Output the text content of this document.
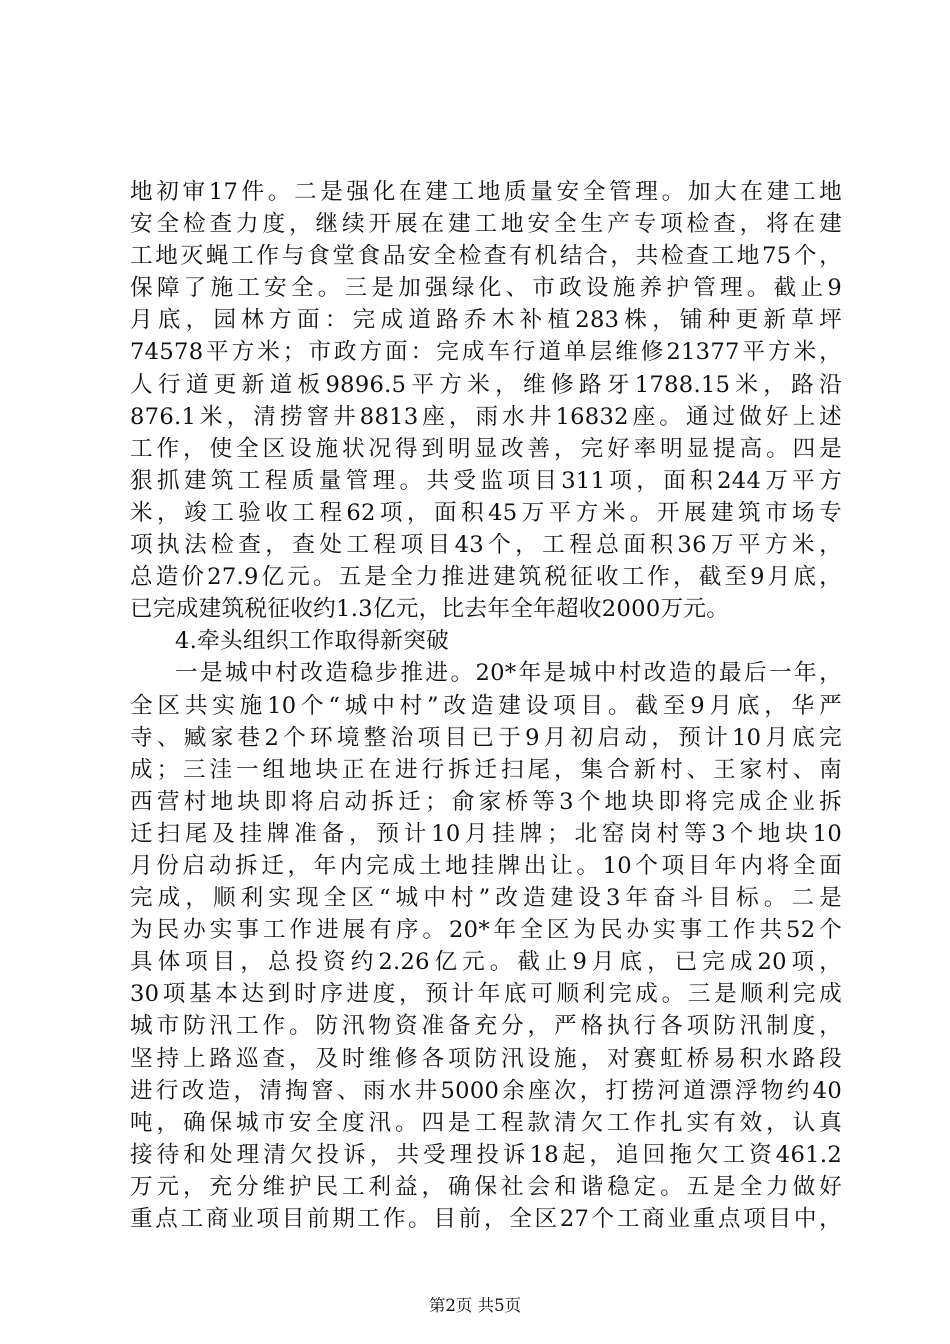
地初审17件。二是强化在建工地质量安全管理。加大在建工地
安全检查力度，继续开展在建工地安全生产专项检查，将在建
工地灭蝇工作与食堂食品安全检查有机结合，共检查工地75个，
保障了施工安全。三是加强绿化、市政设施养护管理。截止9
月底，园林方面：完成道路乔木补植283株，铺种更新草坪
74578平方米；市政方面：完成车行道单层维修21377平方米，
人行道更新道板9896.5平方米，维修路牙1788.15米，路沿
876.1米，清捞窨井8813座，雨水井16832座。通过做好上述
工作，使全区设施状况得到明显改善，完好率明显提高。四是
狠抓建筑工程质量管理。共受监项目311项，面积244万平方
米，竣工验收工程62项，面积45万平方米。开展建筑市场专
项执法检查，查处工程项目43个，工程总面积36万平方米，
总造价27.9亿元。五是全力推进建筑税征收工作，截至9月底，
已完成建筑税征收约1.3亿元，比去年全年超收2000万元。
4.牵头组织工作取得新突破
一是城中村改造稳步推进。20*年是城中村改造的最后一年，
全区共实施10个“城中村”改造建设项目。截至9月底，华严
寺、臧家巷2个环境整治项目已于9月初启动，预计10月底完
成；三洼一组地块正在进行拆迁扫尾，集合新村、王家村、南
西营村地块即将启动拆迁；俞家桥等3个地块即将完成企业拆
迁扫尾及挂牌准备，预计10月挂牌；北窑岗村等3个地块10
月份启动拆迁，年内完成土地挂牌出让。10个项目年内将全面
完成，顺利实现全区“城中村”改造建设3年奋斗目标。二是
为民办实事工作进展有序。20*年全区为民办实事工作共52个
具体项目，总投资约2.26亿元。截止9月底，已完成20项，
30项基本达到时序进度，预计年底可顺利完成。三是顺利完成
城市防汛工作。防汛物资准备充分，严格执行各项防汛制度，
坚持上路巡查，及时维修各项防汛设施，对赛虹桥易积水路段
进行改造，清掏窨、雨水井5000余座次，打捞河道漂浮物约40
吨，确保城市安全度汛。四是工程款清欠工作扎实有效，认真
接待和处理清欠投诉，共受理投诉18起，追回拖欠工资461.2
万元，充分维护民工利益，确保社会和谐稳定。五是全力做好
重点工商业项目前期工作。目前，全区27个工商业重点项目中，
第2页 共5页
